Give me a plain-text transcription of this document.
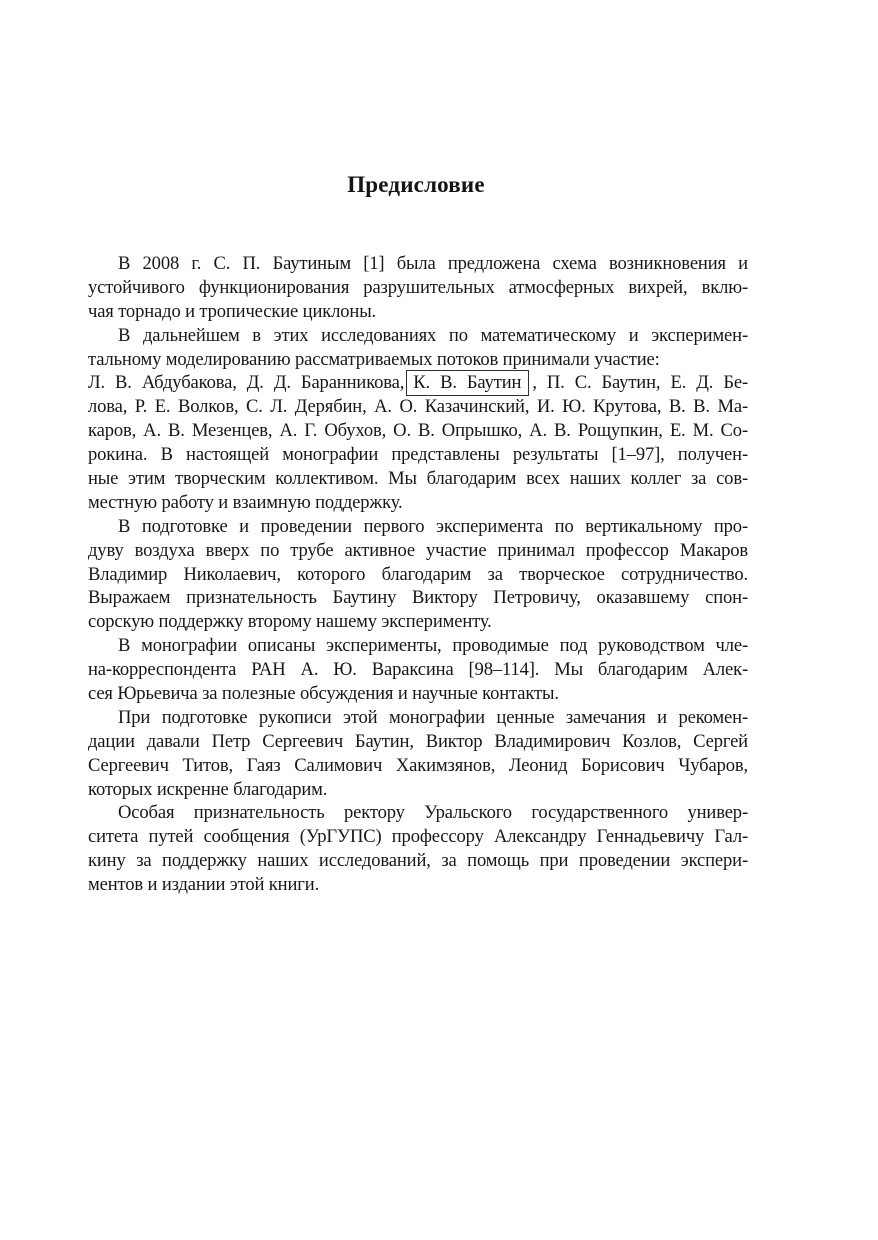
Предисловие
В 2008 г. С. П. Баутиным [1] была предложена схема возникновения и
устойчивого функционирования разрушительных атмосферных вихрей, вклю-
чая торнадо и тропические циклоны.
В дальнейшем в этих исследованиях по математическому и эксперимен-
тальному моделированию рассматриваемых потоков принимали участие:
Л. В. Абдубакова, Д. Д. Баранникова, К. В. Баутин , П. С. Баутин, Е. Д. Бе-
лова, Р. Е. Волков, С. Л. Дерябин, А. О. Казачинский, И. Ю. Крутова, В. В. Ма-
каров, А. В. Мезенцев, А. Г. Обухов, О. В. Опрышко, А. В. Рощупкин, Е. М. Со-
рокина. В настоящей монографии представлены результаты [1–97], получен-
ные этим творческим коллективом. Мы благодарим всех наших коллег за сов-
местную работу и взаимную поддержку.
В подготовке и проведении первого эксперимента по вертикальному про-
дуву воздуха вверх по трубе активное участие принимал профессор Макаров
Владимир Николаевич, которого благодарим за творческое сотрудничество.
Выражаем признательность Баутину Виктору Петровичу, оказавшему спон-
сорскую поддержку второму нашему эксперименту.
В монографии описаны эксперименты, проводимые под руководством чле-
на-корреспондента РАН А. Ю. Вараксина [98–114]. Мы благодарим Алек-
сея Юрьевича за полезные обсуждения и научные контакты.
При подготовке рукописи этой монографии ценные замечания и рекомен-
дации давали Петр Сергеевич Баутин, Виктор Владимирович Козлов, Сергей
Сергеевич Титов, Гаяз Салимович Хакимзянов, Леонид Борисович Чубаров,
которых искренне благодарим.
Особая признательность ректору Уральского государственного универ-
ситета путей сообщения (УрГУПС) профессору Александру Геннадьевичу Гал-
кину за поддержку наших исследований, за помощь при проведении экспери-
ментов и издании этой книги.
